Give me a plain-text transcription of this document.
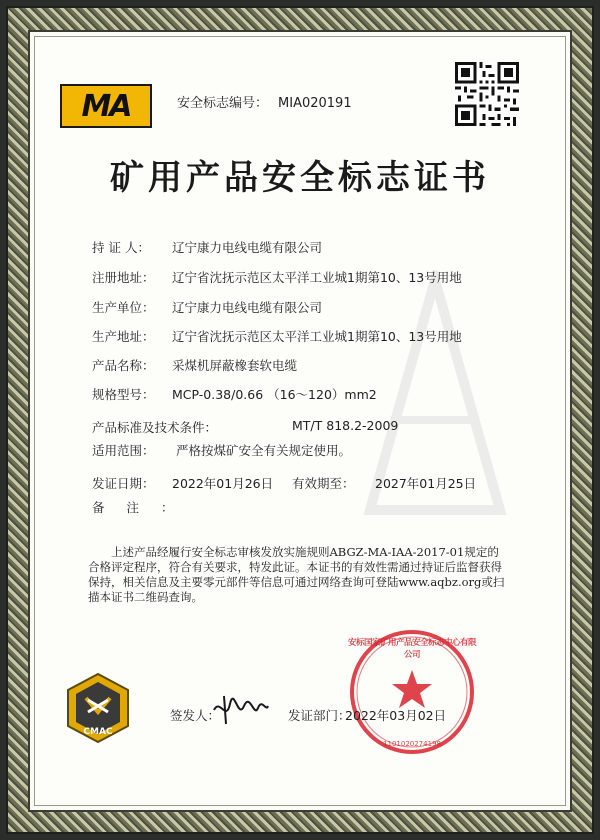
MA	安全标志编号： MIA020191
矿用产品安全标志证书
持 证 人： 辽宁康力电线电缆有限公司
注册地址： 辽宁省沈抚示范区太平洋工业城1期第10、13号用地
生产单位： 辽宁康力电线电缆有限公司
生产地址： 辽宁省沈抚示范区太平洋工业城1期第10、13号用地
产品名称： 采煤机屏蔽橡套软电缆
规格型号： MCP-0.38/0.66 （16～120）mm2
产品标准及技术条件：	MT/T 818.2-2009
适用范围： 严格按煤矿安全有关规定使用。
发证日期： 2022年01月26日 有效期至： 2027年01月25日
备注：
上述产品经履行安全标志审核发放实施规则ABGZ-MA-IAA-2017-01规定的合格评定程序，符合有关要求，特发此证。本证书的有效性需通过持证后监督获得保持，相关信息及主要零元部件等信息可通过网络查询可登陆www.aqbz.org或扫描本证书二维码查询。
CMAC
签发人：	发证部门：
安标国家矿用产品安全标志中心有限公司
1101020274198
2022年03月02日
